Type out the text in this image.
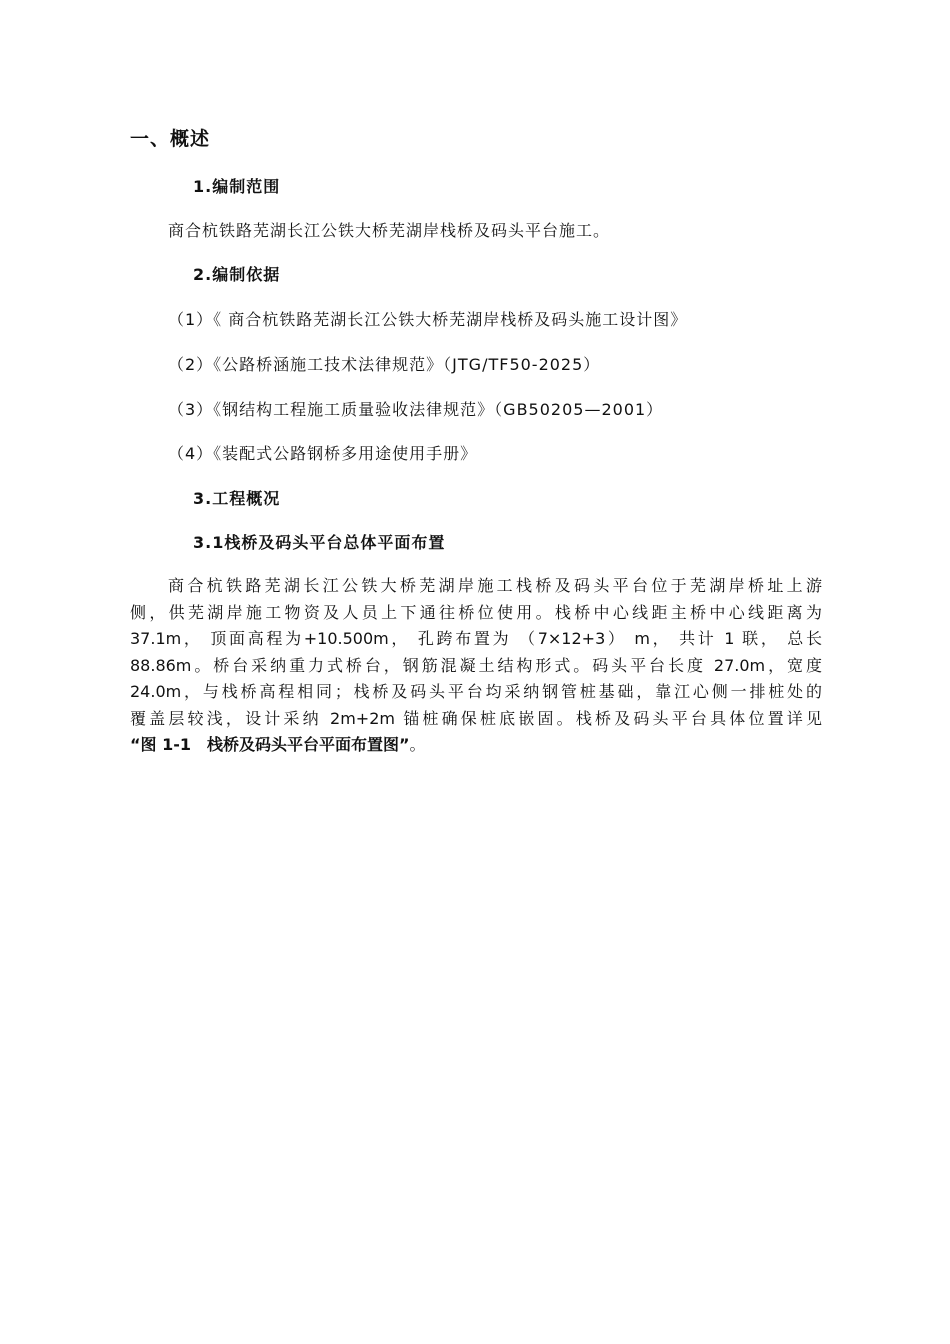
一、概述
1.编制范围
商合杭铁路芜湖长江公铁大桥芜湖岸栈桥及码头平台施工。
2.编制依据
（1）《 商合杭铁路芜湖长江公铁大桥芜湖岸栈桥及码头施工设计图》
（2）《公路桥涵施工技术法律规范》（JTG/TF50-2025）
（3）《钢结构工程施工质量验收法律规范》（GB50205—2001）
（4）《装配式公路钢桥多用途使用手册》
3.工程概况
3.1栈桥及码头平台总体平面布置
商合杭铁路芜湖长江公铁大桥芜湖岸施工栈桥及码头平台位于芜湖岸桥址上游
侧，供芜湖岸施工物资及人员上下通往桥位使用。栈桥中心线距主桥中心线距离为
37.1m， 顶面高程为+10.500m， 孔跨布置为 （7×12+3） m， 共计 1 联， 总长
88.86m。桥台采纳重力式桥台，钢筋混凝土结构形式。码头平台长度 27.0m，宽度
24.0m，与栈桥高程相同；栈桥及码头平台均采纳钢管桩基础，靠江心侧一排桩处的
覆盖层较浅，设计采纳 2m+2m 锚桩确保桩底嵌固。栈桥及码头平台具体位置详见
“图 1-1　栈桥及码头平台平面布置图”。
